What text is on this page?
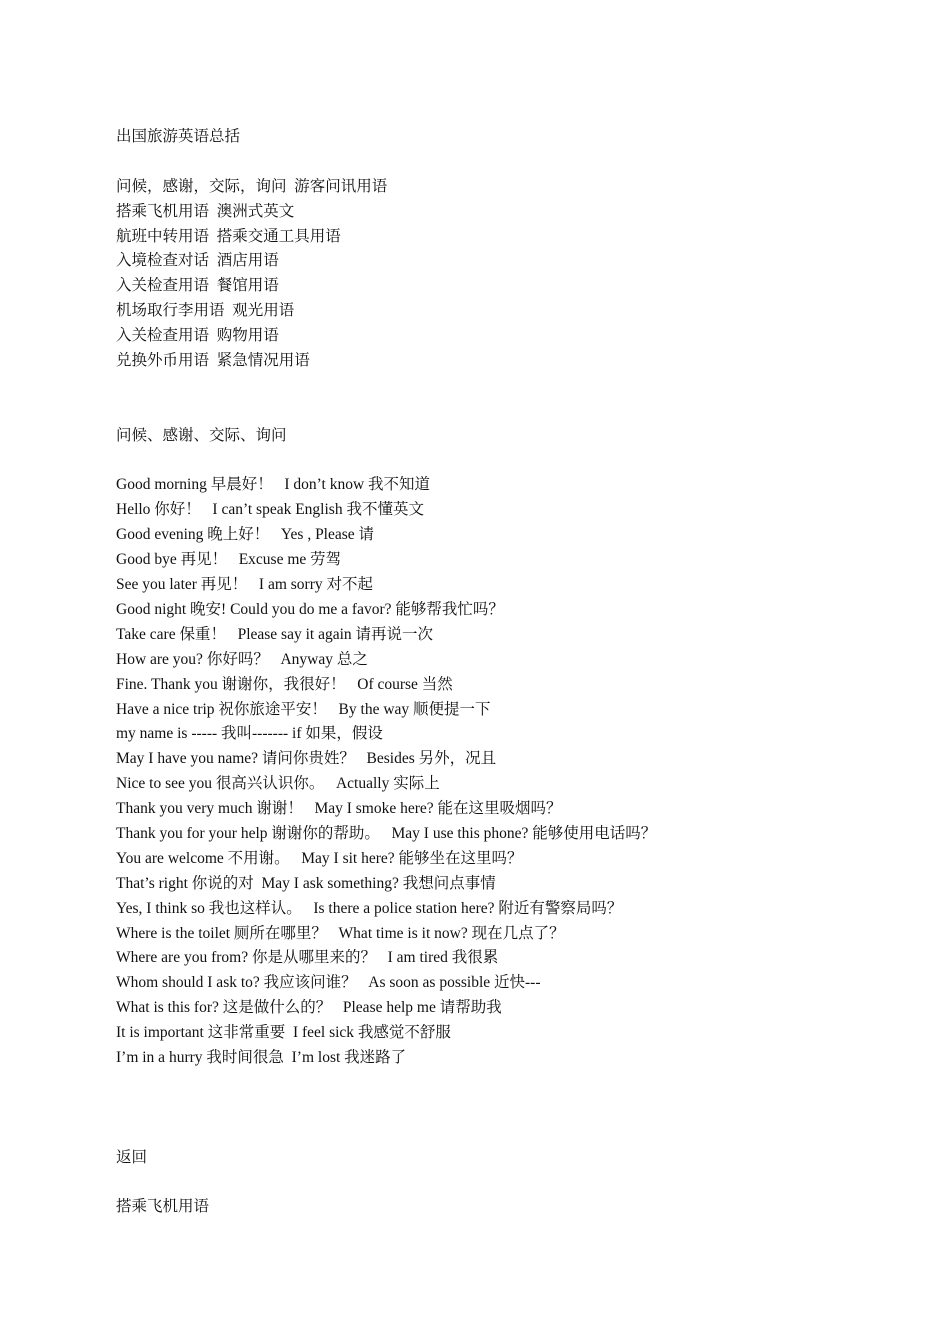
出国旅游英语总括
问候，感谢，交际，询问  游客问讯用语
搭乘飞机用语  澳洲式英文
航班中转用语  搭乘交通工具用语
入境检查对话  酒店用语
入关检查用语  餐馆用语
机场取行李用语  观光用语
入关检查用语  购物用语
兑换外币用语  紧急情况用语
问候、感谢、交际、询问
Good morning 早晨好！   I don’t know 我不知道
Hello 你好！   I can’t speak English 我不懂英文
Good evening 晚上好！   Yes , Please 请
Good bye 再见！   Excuse me 劳驾
See you later 再见！   I am sorry 对不起
Good night 晚安! Could you do me a favor? 能够帮我忙吗？
Take care 保重！   Please say it again 请再说一次
How are you? 你好吗？   Anyway 总之
Fine. Thank you 谢谢你，我很好！   Of course 当然
Have a nice trip 祝你旅途平安！   By the way 顺便提一下
my name is ----- 我叫------- if 如果，假设
May I have you name? 请问你贵姓？   Besides 另外，况且
Nice to see you 很高兴认识你。   Actually 实际上
Thank you very much 谢谢！   May I smoke here? 能在这里吸烟吗？
Thank you for your help 谢谢你的帮助。   May I use this phone? 能够使用电话吗？
You are welcome 不用谢。   May I sit here? 能够坐在这里吗？
That’s right 你说的对  May I ask something? 我想问点事情
Yes, I think so 我也这样认。   Is there a police station here? 附近有警察局吗？
Where is the toilet 厕所在哪里？   What time is it now? 现在几点了？
Where are you from? 你是从哪里来的？   I am tired 我很累
Whom should I ask to? 我应该问谁？   As soon as possible 近快---
What is this for? 这是做什么的？   Please help me 请帮助我
It is important 这非常重要  I feel sick 我感觉不舒服
I’m in a hurry 我时间很急  I’m lost 我迷路了
返回
搭乘飞机用语
